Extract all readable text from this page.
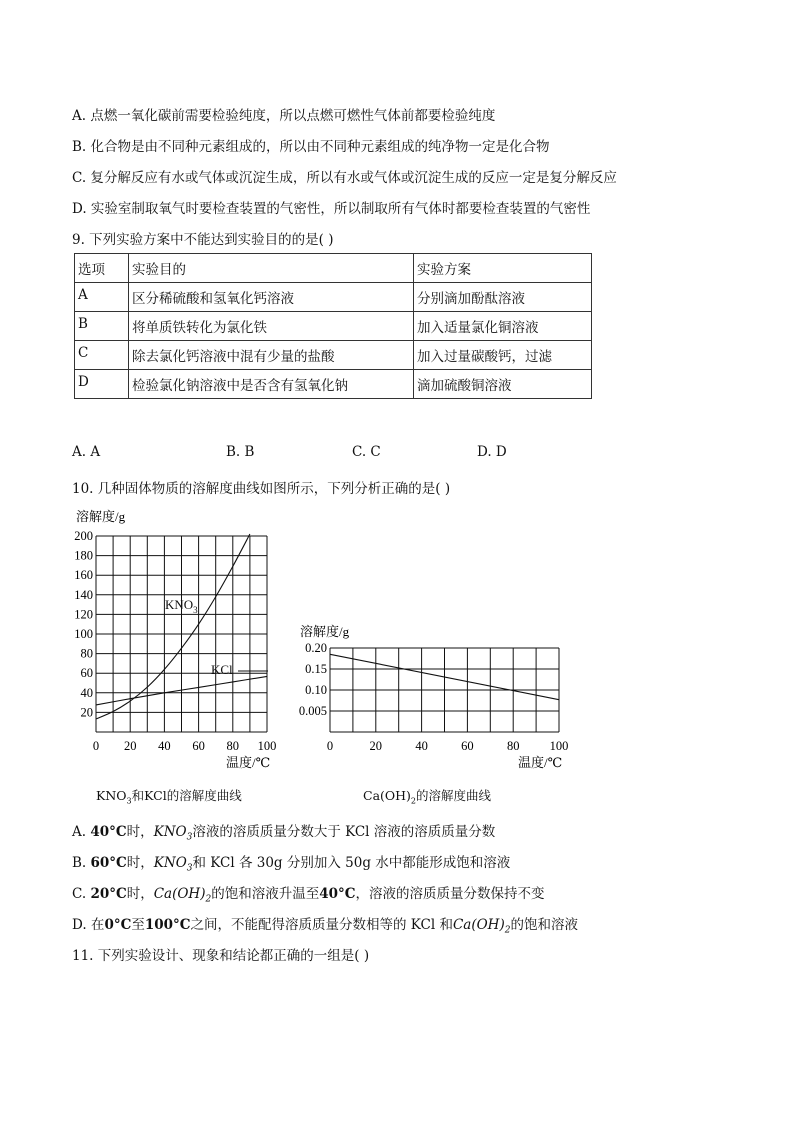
A. 点燃一氧化碳前需要检验纯度，所以点燃可燃性气体前都要检验纯度
B. 化合物是由不同种元素组成的，所以由不同种元素组成的纯净物一定是化合物
C. 复分解反应有水或气体或沉淀生成，所以有水或气体或沉淀生成的反应一定是复分解反应
D. 实验室制取氧气时要检查装置的气密性，所以制取所有气体时都要检查装置的气密性
9. 下列实验方案中不能达到实验目的的是( )
选项	实验目的	实验方案
A	区分稀硫酸和氢氧化钙溶液	分别滴加酚酞溶液
B	将单质铁转化为氯化铁	加入适量氯化铜溶液
C	除去氯化钙溶液中混有少量的盐酸	加入过量碳酸钙，过滤
D	检验氯化钠溶液中是否含有氢氧化钠	滴加硫酸铜溶液
A. A	B. B	C. C	D. D
10. 几种固体物质的溶解度曲线如图所示，下列分析正确的是( )
溶解度/g
20
40
60
80
100
120
140
160
180
200
0 20 40 60 80 100
$KNO_3$
KCl
温度/℃
溶解度/g
0.005
0.10
0.15
0.20
0	20	40	60	80 100
温度/℃
$KNO_3$和KCl的溶解度曲线	$Ca(OH)_2$的溶解度曲线
A. 40°C时，$KNO_3$溶液的溶质质量分数大于 KCl 溶液的溶质质量分数
B. 60°C时，$KNO_3$和 KCl 各 30g 分别加入 50g 水中都能形成饱和溶液
C. 20°C时，$Ca(OH)_2$的饱和溶液升温至40°C，溶液的溶质质量分数保持不变
D. 在0°C至100°C之间，不能配得溶质质量分数相等的 KCl 和$Ca(OH)_2$的饱和溶液
11. 下列实验设计、现象和结论都正确的一组是( )
